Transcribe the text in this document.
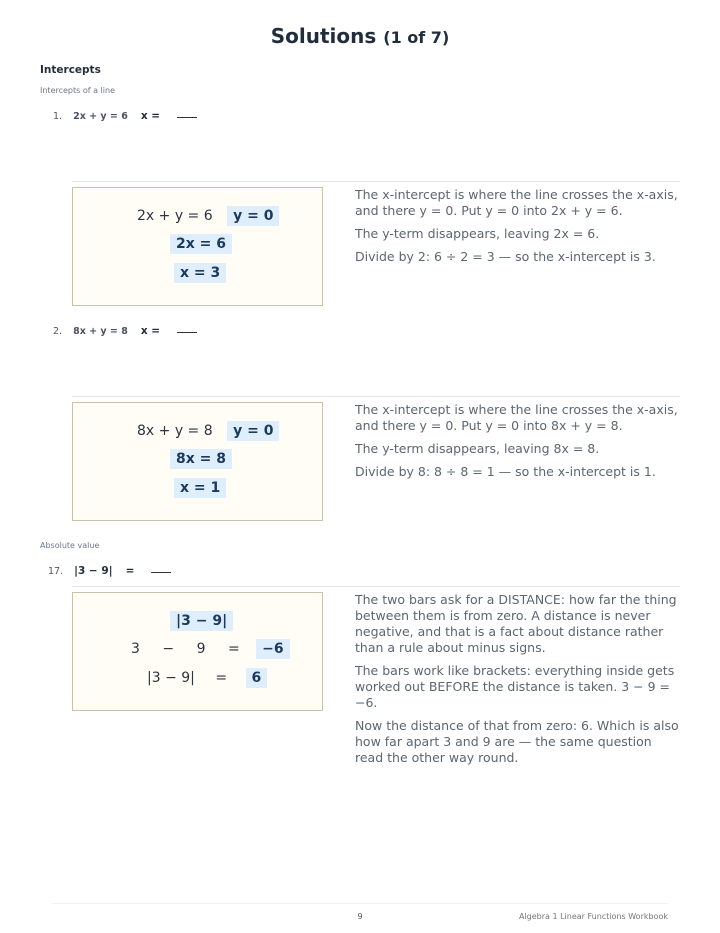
Solutions (1 of 7)
Intercepts
Intercepts of a line
1. 2x + y = 6 x =
2x + y = 6 y = 0
2x = 6
x = 3

The x-intercept is where the line crosses the x-axis, and there y = 0. Put y = 0 into 2x + y = 6.

The y-term disappears, leaving 2x = 6.

Divide by 2: 6 ÷ 2 = 3 — so the x-intercept is 3.

2. 8x + y = 8 x =
8x + y = 8 y = 0
8x = 8
x = 1

The x-intercept is where the line crosses the x-axis, and there y = 0. Put y = 0 into 8x + y = 8.

The y-term disappears, leaving 8x = 8.

Divide by 8: 8 ÷ 8 = 1 — so the x-intercept is 1.

Absolute value
17. |3 − 9| =
|3 − 9|
3 − 9 = −6
|3 − 9| = 6

The two bars ask for a DISTANCE: how far the thing between them is from zero. A distance is never negative, and that is a fact about distance rather than a rule about minus signs.

The bars work like brackets: everything inside gets worked out BEFORE the distance is taken. 3 − 9 = −6.

Now the distance of that from zero: 6. Which is also how far apart 3 and 9 are — the same question read the other way round.

9	Algebra 1 Linear Functions Workbook
